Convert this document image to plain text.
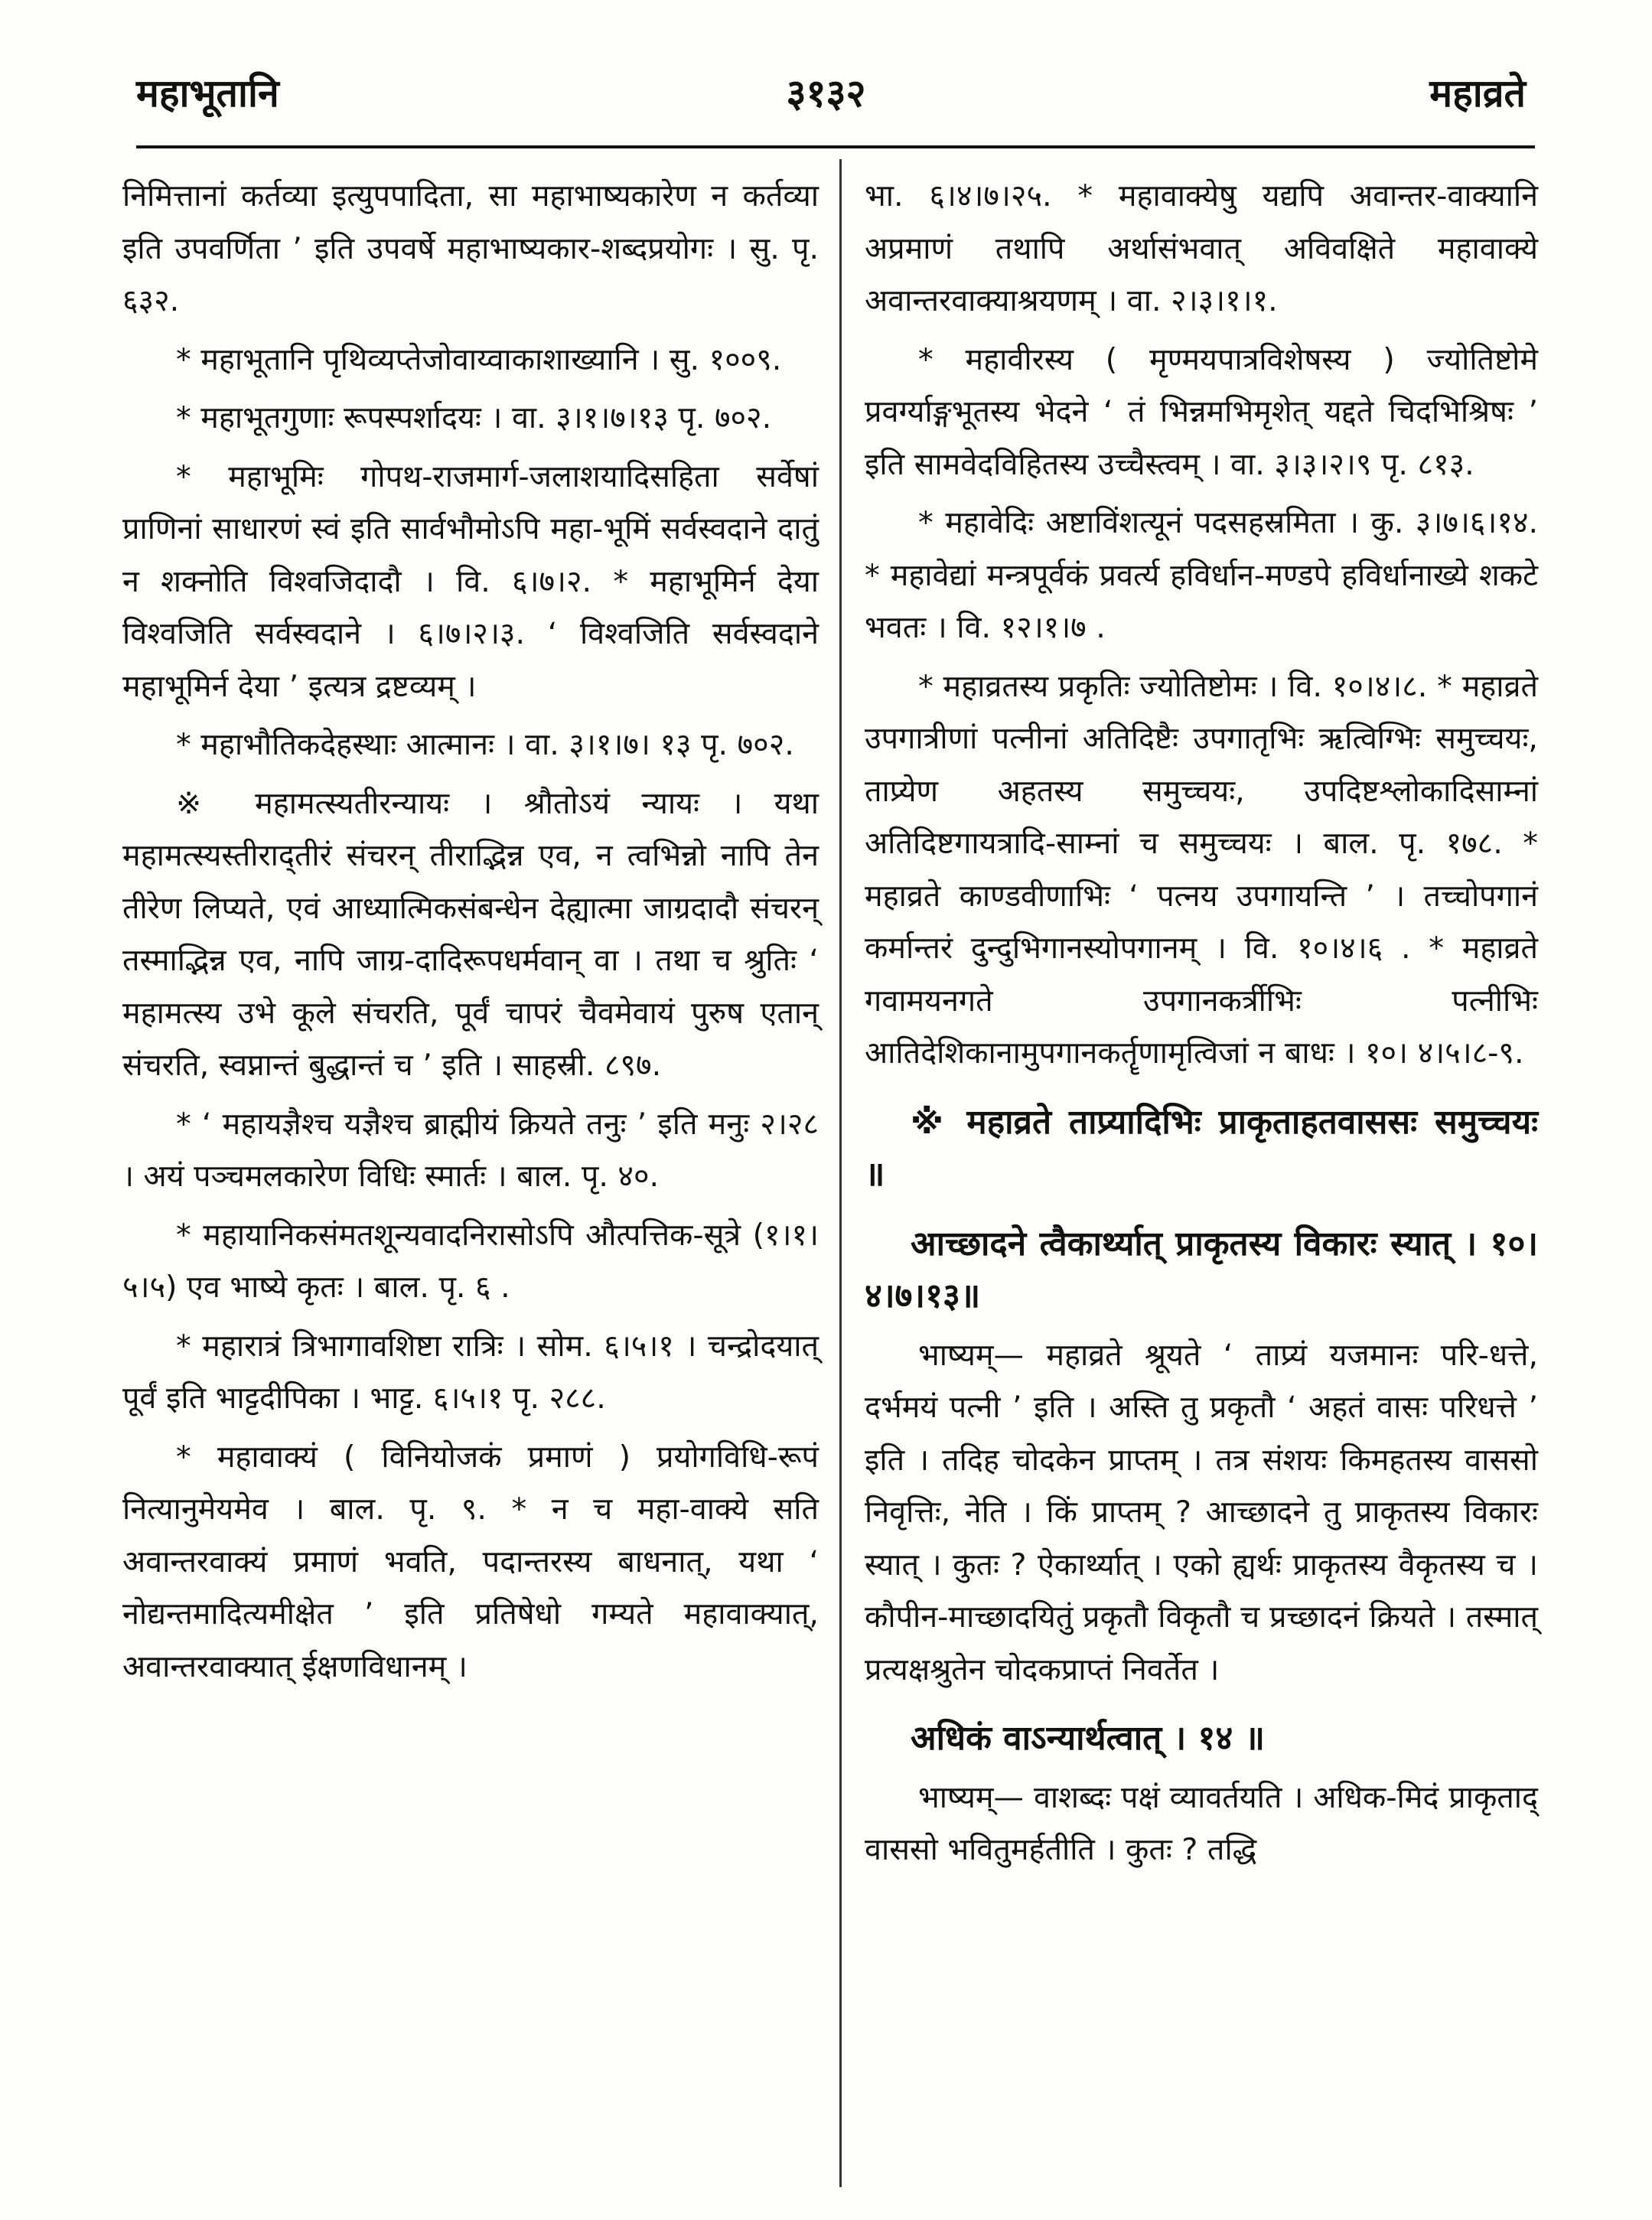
महाभूतानि	३१३२	महाव्रते

निमित्तानां कर्तव्या इत्युपपादिता, सा महाभाष्यकारेण न कर्तव्या इति उपवर्णिता ’ इति उपवर्षे महाभाष्यकार-शब्दप्रयोगः । सु. पृ. ६३२.

* महाभूतानि पृथिव्यप्तेजोवाय्वाकाशाख्यानि । सु. १००९.

* महाभूतगुणाः रूपस्पर्शादयः । वा. ३।१।७।१३ पृ. ७०२.

* महाभूमिः गोपथ-राजमार्ग-जलाशयादिसहिता सर्वेषां प्राणिनां साधारणं स्वं इति सार्वभौमोऽपि महा-भूमिं सर्वस्वदाने दातुं न शक्नोति विश्वजिदादौ । वि. ६।७।२. * महाभूमिर्न देया विश्वजिति सर्वस्वदाने । ६।७।२।३. ‘ विश्वजिति सर्वस्वदाने महाभूमिर्न देया ’ इत्यत्र द्रष्टव्यम् ।

* महाभौतिकदेहस्थाः आत्मानः । वा. ३।१।७। १३ पृ. ७०२.

※ महामत्स्यतीरन्यायः । श्रौतोऽयं न्यायः । यथा महामत्स्यस्तीराद्तीरं संचरन् तीराद्भिन्न एव, न त्वभिन्नो नापि तेन तीरेण लिप्यते, एवं आध्यात्मिकसंबन्धेन देह्यात्मा जाग्रदादौ संचरन् तस्माद्भिन्न एव, नापि जाग्र-दादिरूपधर्मवान् वा । तथा च श्रुतिः ‘ महामत्स्य उभे कूले संचरति, पूर्वं चापरं चैवमेवायं पुरुष एतान् संचरति, स्वप्नान्तं बुद्धान्तं च ’ इति । साहस्री. ८९७.

* ‘ महायज्ञैश्च यज्ञैश्च ब्राह्मीयं क्रियते तनुः ’ इति मनुः २।२८ । अयं पञ्चमलकारेण विधिः स्मार्तः । बाल. पृ. ४०.

* महायानिकसंमतशून्यवादनिरासोऽपि औत्पत्तिक-सूत्रे (१।१।५।५) एव भाष्ये कृतः । बाल. पृ. ६ .

* महारात्रं त्रिभागावशिष्टा रात्रिः । सोम. ६।५।१ । चन्द्रोदयात् पूर्वं इति भाट्टदीपिका । भाट्ट. ६।५।१ पृ. २८८.

* महावाक्यं ( विनियोजकं प्रमाणं ) प्रयोगविधि-रूपं नित्यानुमेयमेव । बाल. पृ. ९. * न च महा-वाक्ये सति अवान्तरवाक्यं प्रमाणं भवति, पदान्तरस्य बाधनात्, यथा ‘ नोद्यन्तमादित्यमीक्षेत ’ इति प्रतिषेधो गम्यते महावाक्यात्, अवान्तरवाक्यात् ईक्षणविधानम् ।

भा. ६।४।७।२५. * महावाक्येषु यद्यपि अवान्तर-वाक्यानि अप्रमाणं तथापि अर्थासंभवात् अविवक्षिते महावाक्ये अवान्तरवाक्याश्रयणम् । वा. २।३।१।१.

* महावीरस्य ( मृण्मयपात्रविशेषस्य ) ज्योतिष्टोमे प्रवर्ग्याङ्गभूतस्य भेदने ‘ तं भिन्नमभिमृशेत् यद्दते चिदभिश्रिषः ’ इति सामवेदविहितस्य उच्चैस्त्वम् । वा. ३।३।२।९ पृ. ८१३.

* महावेदिः अष्टाविंशत्यूनं पदसहस्रमिता । कु. ३।७।६।१४. * महावेद्यां मन्त्रपूर्वकं प्रवर्त्य हविर्धान-मण्डपे हविर्धानाख्ये शकटे भवतः । वि. १२।१।७ .

* महाव्रतस्य प्रकृतिः ज्योतिष्टोमः । वि. १०।४।८. * महाव्रते उपगात्रीणां पत्नीनां अतिदिष्टैः उपगातृभिः ऋत्विग्भिः समुच्चयः, ताप्र्येण अहतस्य समुच्चयः, उपदिष्टश्लोकादिसाम्नां अतिदिष्टगायत्रादि-साम्नां च समुच्चयः । बाल. पृ. १७८. * महाव्रते काण्डवीणाभिः ‘ पत्नय उपगायन्ति ’ । तच्चोपगानं कर्मान्तरं दुन्दुभिगानस्योपगानम् । वि. १०।४।६ . * महाव्रते गवामयनगते उपगानकर्त्रीभिः पत्नीभिः आतिदेशिकानामुपगानकर्तॄणामृत्विजां न बाधः । १०। ४।५।८-९.

※ महाव्रते ताप्र्यादिभिः प्राकृताहतवाससः समुच्चयः ॥

आच्छादने त्वैकार्थ्यात् प्राकृतस्य विकारः स्यात् । १०।४।७।१३॥

भाष्यम्— महाव्रते श्रूयते ‘ ताप्र्यं यजमानः परि-धत्ते, दर्भमयं पत्नी ’ इति । अस्ति तु प्रकृतौ ‘ अहतं वासः परिधत्ते ’ इति । तदिह चोदकेन प्राप्तम् । तत्र संशयः किमहतस्य वाससो निवृत्तिः, नेति । किं प्राप्तम् ? आच्छादने तु प्राकृतस्य विकारः स्यात् । कुतः ? ऐकार्थ्यात् । एको ह्यर्थः प्राकृतस्य वैकृतस्य च । कौपीन-माच्छादयितुं प्रकृतौ विकृतौ च प्रच्छादनं क्रियते । तस्मात् प्रत्यक्षश्रुतेन चोदकप्राप्तं निवर्तेत ।

अधिकं वाऽन्यार्थत्वात् । १४ ॥

भाष्यम्— वाशब्दः पक्षं व्यावर्तयति । अधिक-मिदं प्राकृताद् वाससो भवितुमर्हतीति । कुतः ? तद्धि
